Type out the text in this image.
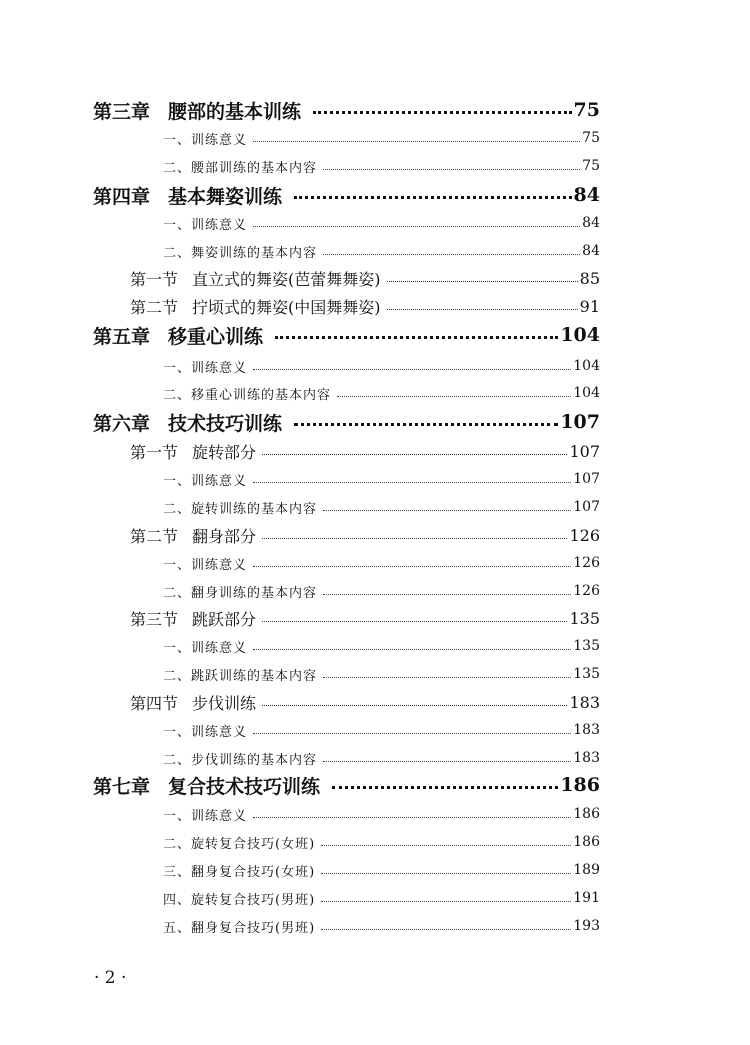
第三章 腰部的基本训练	75
一、训练意义	75
二、腰部训练的基本内容	75
第四章 基本舞姿训练	84
一、训练意义	84
二、舞姿训练的基本内容	84
第一节 直立式的舞姿(芭蕾舞舞姿)	85
第二节 拧顷式的舞姿(中国舞舞姿)	91
第五章 移重心训练	104
一、训练意义	104
二、移重心训练的基本内容	104
第六章 技术技巧训练	107
第一节 旋转部分	107
一、训练意义	107
二、旋转训练的基本内容	107
第二节 翻身部分	126
一、训练意义	126
二、翻身训练的基本内容	126
第三节 跳跃部分	135
一、训练意义	135
二、跳跃训练的基本内容	135
第四节 步伐训练	183
一、训练意义	183
二、步伐训练的基本内容	183
第七章 复合技术技巧训练	186
一、训练意义	186
二、旋转复合技巧(女班)	186
三、翻身复合技巧(女班)	189
四、旋转复合技巧(男班)	191
五、翻身复合技巧(男班)	193
· 2 ·
